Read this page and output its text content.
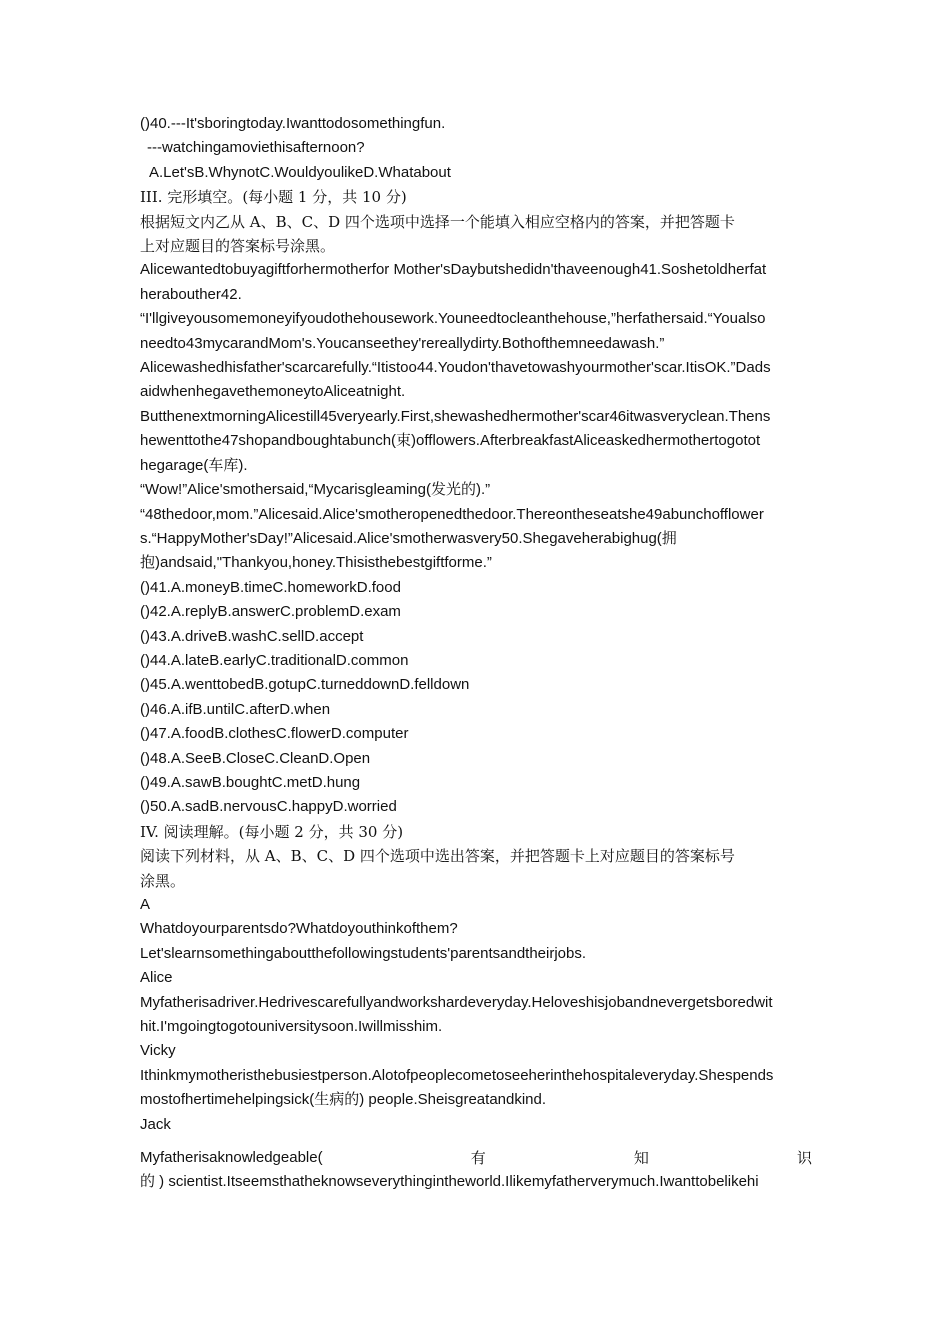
()40.---It'sboringtoday.Iwanttodosomethingfun.
---watchingamoviethisafternoon?
A.Let'sB.WhynotC.WouldyoulikeD.Whatabout
III. 完形填空。(每小题 1 分，共 10 分)
根据短文内乙从 A、B、C、D 四个选项中选择一个能填入相应空格内的答案，并把答题卡
上对应题目的答案标号涂黑。
Alicewantedtobuyagiftforhermotherfor Mother'sDaybutshedidn'thaveenough41.Soshetoldherfat
herabouther42.
“I'llgiveyousomemoneyifyoudothehousework.Youneedtocleanthehouse,”herfathersaid.“Youalso
needto43mycarandMom's.Youcanseethey'rereallydirty.Bothofthemneedawash.”
Alicewashedhisfather'scarcarefully.“Itistoo44.Youdon'thavetowashyourmother'scar.ItisOK.”Dads
aidwhenhegavethemoneytoAliceatnight.
ButthenextmorningAlicestill45veryearly.First,shewashedhermother'scar46itwasveryclean.Thens
hewenttothe47shopandboughtabunch(束)offlowers.AfterbreakfastAliceaskedhermothertogotot
hegarage(车库).
“Wow!”Alice'smothersaid,“Mycarisgleaming(发光的).”
“48thedoor,mom.”Alicesaid.Alice'smotheropenedthedoor.Thereontheseatshe49abunchofflower
s.“HappyMother'sDay!”Alicesaid.Alice'smotherwasvery50.Shegaveherabighug(拥
抱)andsaid,"Thankyou,honey.Thisisthebestgiftforme.”
()41.A.moneyB.timeC.homeworkD.food
()42.A.replyB.answerC.problemD.exam
()43.A.driveB.washC.sellD.accept
()44.A.lateB.earlyC.traditionalD.common
()45.A.wenttobedB.gotupC.turneddownD.felldown
()46.A.ifB.untilC.afterD.when
()47.A.foodB.clothesC.flowerD.computer
()48.A.SeeB.CloseC.CleanD.Open
()49.A.sawB.boughtC.metD.hung
()50.A.sadB.nervousC.happyD.worried
IV. 阅读理解。(每小题 2 分，共 30 分)
阅读下列材料，从 A、B、C、D 四个选项中选出答案，并把答题卡上对应题目的答案标号
涂黑。
A
Whatdoyourparentsdo?Whatdoyouthinkofthem?
Let'slearnsomethingaboutthefollowingstudents'parentsandtheirjobs.
Alice
Myfatherisadriver.Hedrivescarefullyandworkshardeveryday.Heloveshisjobandnevergetsboredwit
hit.I'mgoingtogotouniversitysoon.Iwillmisshim.
Vicky
Ithinkmymotheristhebusiestperson.Alotofpeoplecometoseeherinthehospitaleveryday.Shespends
mostofhertimehelpingsick(生病的) people.Sheisgreatandkind.
Jack
Myfatherisaknowledgeable(	有	知	识
的 ) scientist.Itseemsthatheknowseverythingintheworld.Ilikemyfatherverymuch.Iwanttobelikehi
